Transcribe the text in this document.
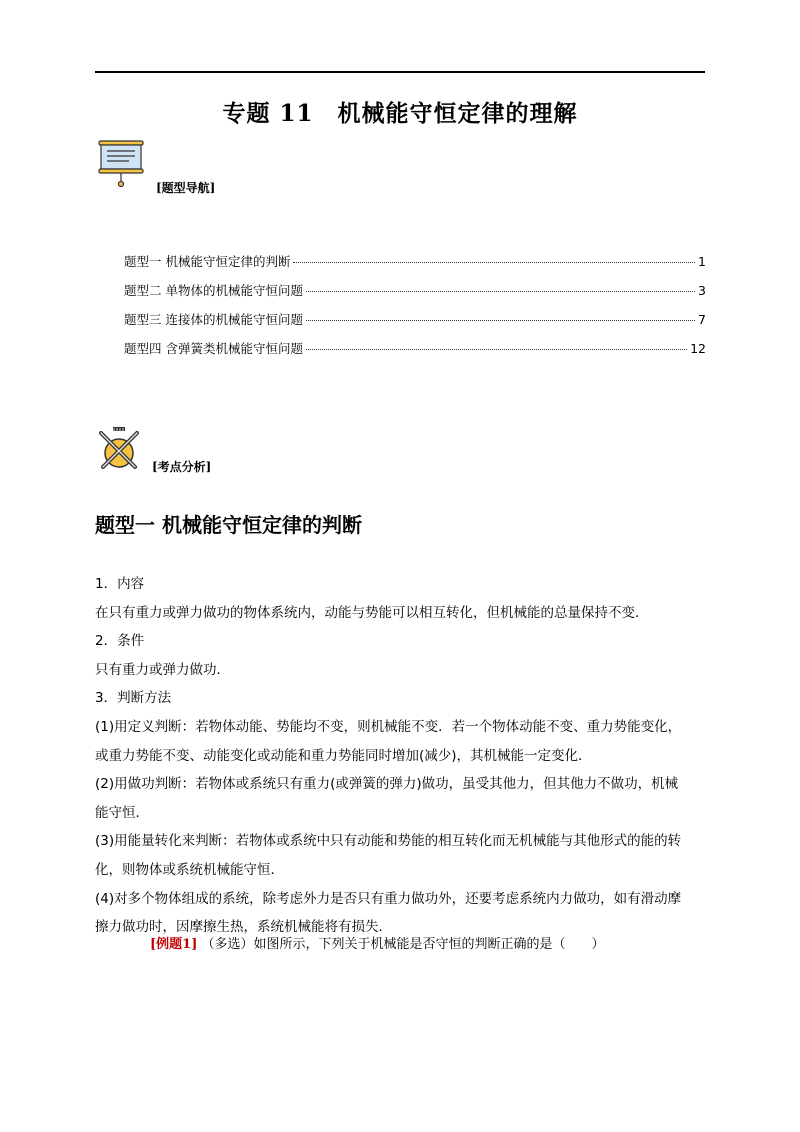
专题 11　机械能守恒定律的理解
[题型导航]
题型一 机械能守恒定律的判断	1
题型二 单物体的机械能守恒问题	3
题型三 连接体的机械能守恒问题	7
题型四 含弹簧类机械能守恒问题	12
[考点分析]
题型一 机械能守恒定律的判断
1．内容
在只有重力或弹力做功的物体系统内，动能与势能可以相互转化，但机械能的总量保持不变．
2．条件
只有重力或弹力做功．
3．判断方法
(1)用定义判断：若物体动能、势能均不变，则机械能不变．若一个物体动能不变、重力势能变化，
或重力势能不变、动能变化或动能和重力势能同时增加(减少)，其机械能一定变化．
(2)用做功判断：若物体或系统只有重力(或弹簧的弹力)做功，虽受其他力，但其他力不做功，机械
能守恒．
(3)用能量转化来判断：若物体或系统中只有动能和势能的相互转化而无机械能与其他形式的能的转
化，则物体或系统机械能守恒．
(4)对多个物体组成的系统，除考虑外力是否只有重力做功外，还要考虑系统内力做功，如有滑动摩
擦力做功时，因摩擦生热，系统机械能将有损失．
[例题1] （多选）如图所示，下列关于机械能是否守恒的判断正确的是（　　）
